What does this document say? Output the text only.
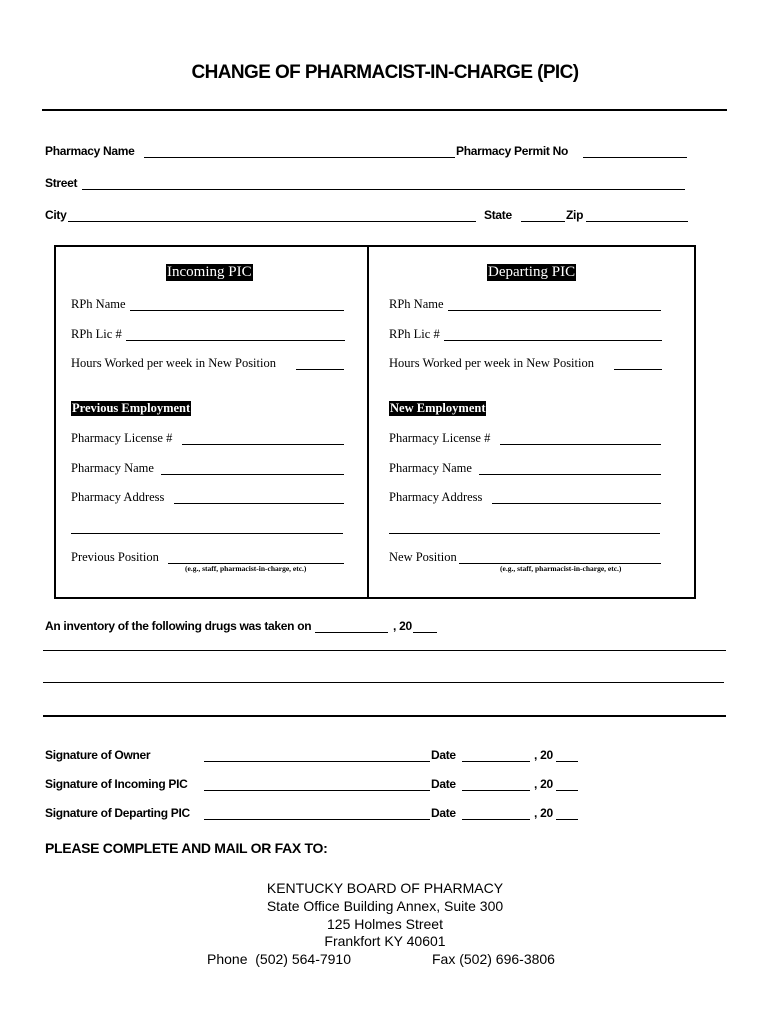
CHANGE OF PHARMACIST-IN-CHARGE (PIC)
Pharmacy Name	Pharmacy Permit No
Street
City	State	Zip
Incoming PIC
RPh Name
RPh Lic #
Hours Worked per week in New Position
Previous Employment
Pharmacy License #
Pharmacy Name
Pharmacy Address
Previous Position
(e.g., staff, pharmacist-in-charge, etc.)
Departing PIC
RPh Name
RPh Lic #
Hours Worked per week in New Position
New Employment
Pharmacy License #
Pharmacy Name
Pharmacy Address
New Position
(e.g., staff, pharmacist-in-charge, etc.)
An inventory of the following drugs was taken on	, 20
Signature of Owner	Date	, 20
Signature of Incoming PIC	Date	, 20
Signature of Departing PIC	Date	, 20
PLEASE COMPLETE AND MAIL OR FAX TO:
KENTUCKY BOARD OF PHARMACY
State Office Building Annex, Suite 300
125 Holmes Street
Frankfort KY 40601
Phone  (502) 564-7910	Fax (502) 696-3806
